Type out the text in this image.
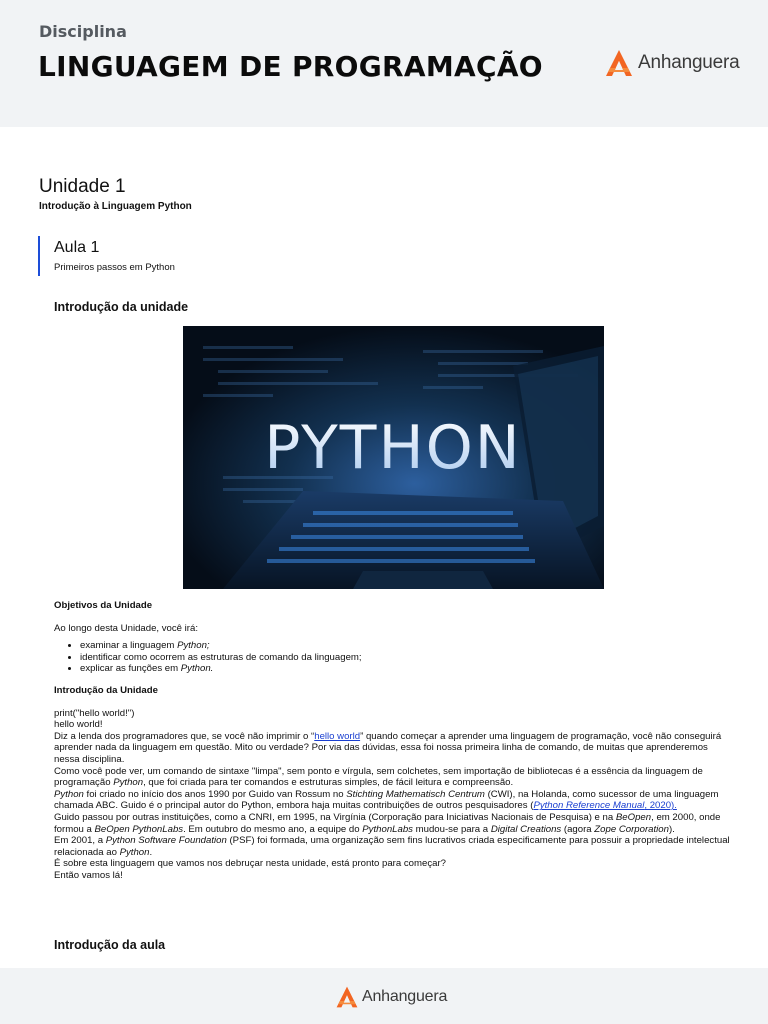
Disciplina
LINGUAGEM DE PROGRAMAÇÃO	Anhanguera
Unidade 1
Introdução à Linguagem Python
Aula 1
Primeiros passos em Python
Introdução da unidade
PYTHON

Objetivos da Unidade

Ao longo desta Unidade, você irá:

• examinar a linguagem Python;
• identificar como ocorrem as estruturas de comando da linguagem;
• explicar as funções em Python.

Introdução da Unidade

print("hello world!")

hello world!

Diz a lenda dos programadores que, se você não imprimir o “hello world” quando começar a aprender uma linguagem de programação, você não conseguirá aprender nada da linguagem em questão. Mito ou verdade? Por via das dúvidas, essa foi nossa primeira linha de comando, de muitas que aprenderemos nessa disciplina.

Como você pode ver, um comando de sintaxe "limpa", sem ponto e vírgula, sem colchetes, sem importação de bibliotecas é a essência da linguagem de programação Python, que foi criada para ter comandos e estruturas simples, de fácil leitura e compreensão.

Python foi criado no início dos anos 1990 por Guido van Rossum no Stichting Mathematisch Centrum (CWI), na Holanda, como sucessor de uma linguagem chamada ABC. Guido é o principal autor do Python, embora haja muitas contribuições de outros pesquisadores (Python Reference Manual, 2020).

Guido passou por outras instituições, como a CNRI, em 1995, na Virgínia (Corporação para Iniciativas Nacionais de Pesquisa) e na BeOpen, em 2000, onde formou a BeOpen PythonLabs. Em outubro do mesmo ano, a equipe do PythonLabs mudou-se para a Digital Creations (agora Zope Corporation).

Em 2001, a Python Software Foundation (PSF) foi formada, uma organização sem fins lucrativos criada especificamente para possuir a propriedade intelectual relacionada ao Python.

É sobre esta linguagem que vamos nos debruçar nesta unidade, está pronto para começar?

Então vamos lá!

Introdução da aula
Anhanguera
